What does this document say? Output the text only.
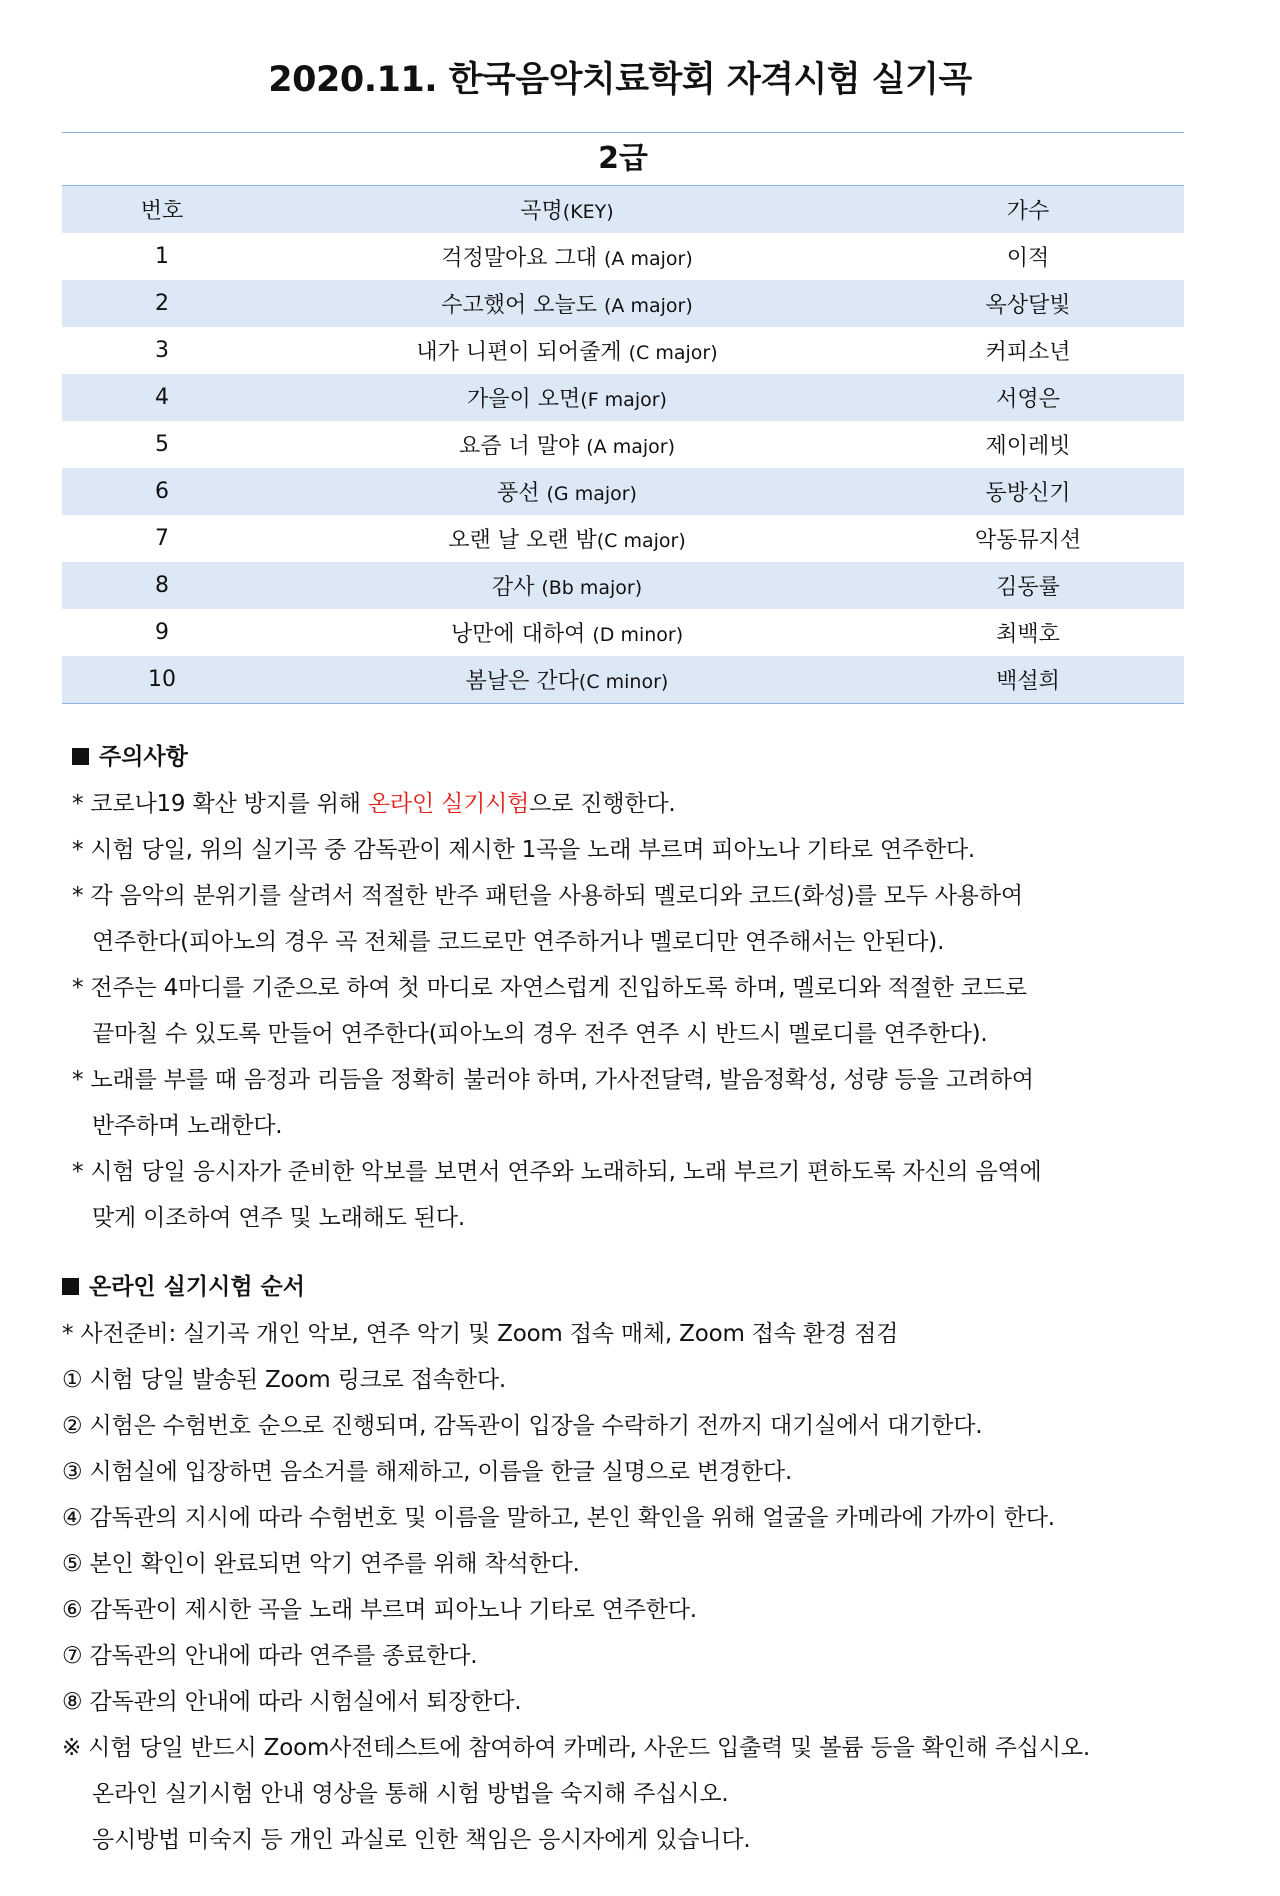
2020.11. 한국음악치료학회 자격시험 실기곡
2급
번호	곡명(KEY)	가수
1	걱정말아요 그대 (A major)	이적
2	수고했어 오늘도 (A major)	옥상달빛
3	내가 니편이 되어줄게 (C major)	커피소년
4	가을이 오면(F major)	서영은
5	요즘 너 말야 (A major)	제이레빗
6	풍선 (G major)	동방신기
7	오랜 날 오랜 밤(C major)	악동뮤지션
8	감사 (Bb major)	김동률
9	낭만에 대하여 (D minor)	최백호
10	봄날은 간다(C minor)	백설희
주의사항
* 코로나19 확산 방지를 위해 온라인 실기시험으로 진행한다.
* 시험 당일, 위의 실기곡 중 감독관이 제시한 1곡을 노래 부르며 피아노나 기타로 연주한다.
* 각 음악의 분위기를 살려서 적절한 반주 패턴을 사용하되 멜로디와 코드(화성)를 모두 사용하여
연주한다(피아노의 경우 곡 전체를 코드로만 연주하거나 멜로디만 연주해서는 안된다).
* 전주는 4마디를 기준으로 하여 첫 마디로 자연스럽게 진입하도록 하며, 멜로디와 적절한 코드로
끝마칠 수 있도록 만들어 연주한다(피아노의 경우 전주 연주 시 반드시 멜로디를 연주한다).
* 노래를 부를 때 음정과 리듬을 정확히 불러야 하며, 가사전달력, 발음정확성, 성량 등을 고려하여
반주하며 노래한다.
* 시험 당일 응시자가 준비한 악보를 보면서 연주와 노래하되, 노래 부르기 편하도록 자신의 음역에
맞게 이조하여 연주 및 노래해도 된다.
온라인 실기시험 순서
* 사전준비: 실기곡 개인 악보, 연주 악기 및 Zoom 접속 매체, Zoom 접속 환경 점검
① 시험 당일 발송된 Zoom 링크로 접속한다.
② 시험은 수험번호 순으로 진행되며, 감독관이 입장을 수락하기 전까지 대기실에서 대기한다.
③ 시험실에 입장하면 음소거를 해제하고, 이름을 한글 실명으로 변경한다.
④ 감독관의 지시에 따라 수험번호 및 이름을 말하고, 본인 확인을 위해 얼굴을 카메라에 가까이 한다.
⑤ 본인 확인이 완료되면 악기 연주를 위해 착석한다.
⑥ 감독관이 제시한 곡을 노래 부르며 피아노나 기타로 연주한다.
⑦ 감독관의 안내에 따라 연주를 종료한다.
⑧ 감독관의 안내에 따라 시험실에서 퇴장한다.
※ 시험 당일 반드시 Zoom사전테스트에 참여하여 카메라, 사운드 입출력 및 볼륨 등을 확인해 주십시오.
온라인 실기시험 안내 영상을 통해 시험 방법을 숙지해 주십시오.
응시방법 미숙지 등 개인 과실로 인한 책임은 응시자에게 있습니다.
